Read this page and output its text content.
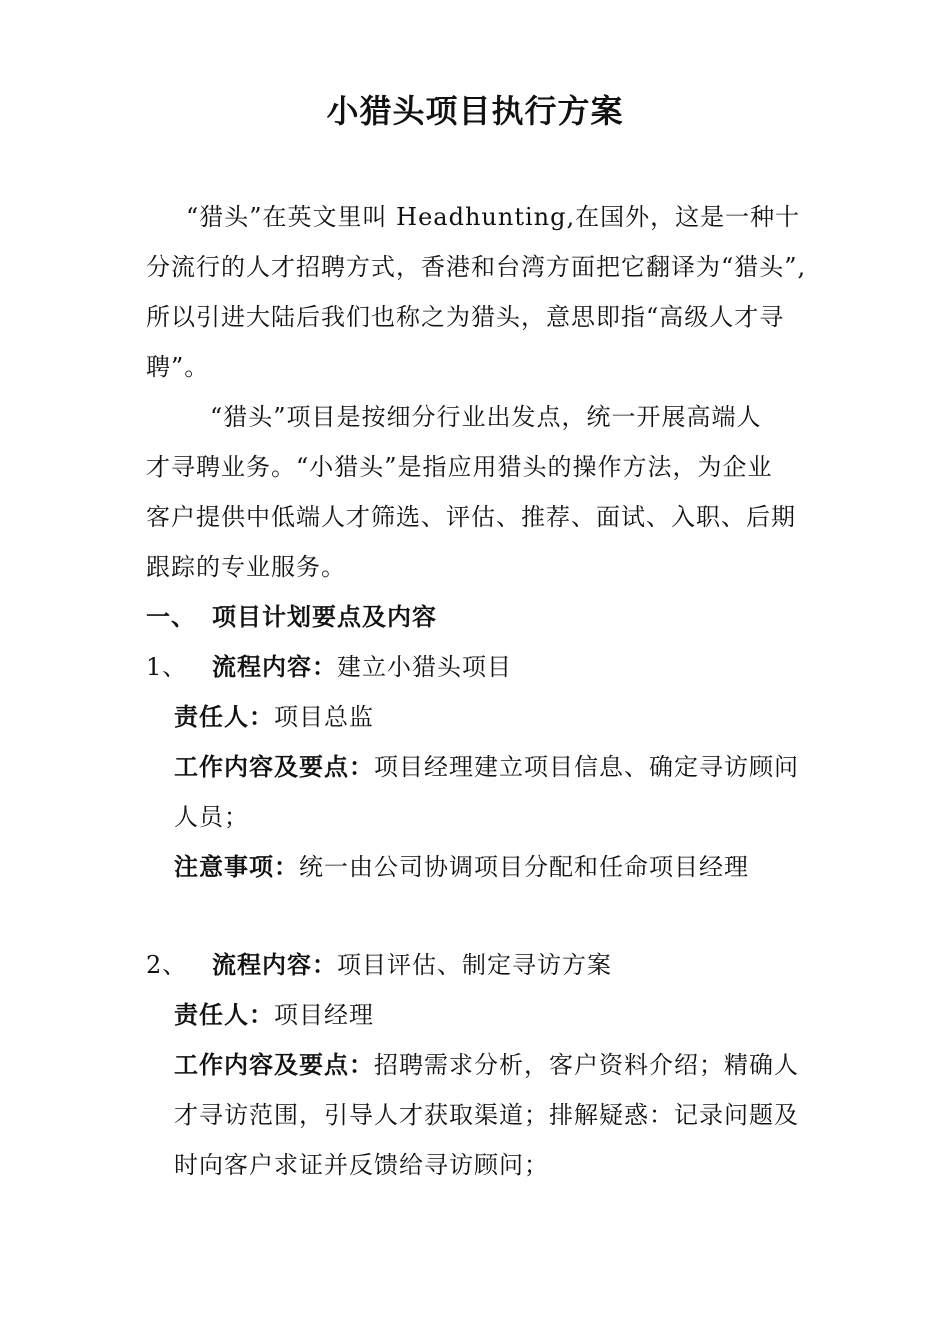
小猎头项目执行方案
“猎头”在英文里叫 Headhunting,在国外，这是一种十
分流行的人才招聘方式，香港和台湾方面把它翻译为“猎头”,
所以引进大陆后我们也称之为猎头，意思即指“高级人才寻
聘”。
“猎头”项目是按细分行业出发点，统一开展高端人
才寻聘业务。“小猎头”是指应用猎头的操作方法，为企业
客户提供中低端人才筛选、评估、推荐、面试、入职、后期
跟踪的专业服务。
一、 项目计划要点及内容
1、 流程内容：建立小猎头项目
责任人：项目总监
工作内容及要点：项目经理建立项目信息、确定寻访顾问
人员；
注意事项：统一由公司协调项目分配和任命项目经理
2、 流程内容：项目评估、制定寻访方案
责任人：项目经理
工作内容及要点：招聘需求分析，客户资料介绍；精确人
才寻访范围，引导人才获取渠道；排解疑惑：记录问题及
时向客户求证并反馈给寻访顾问；
